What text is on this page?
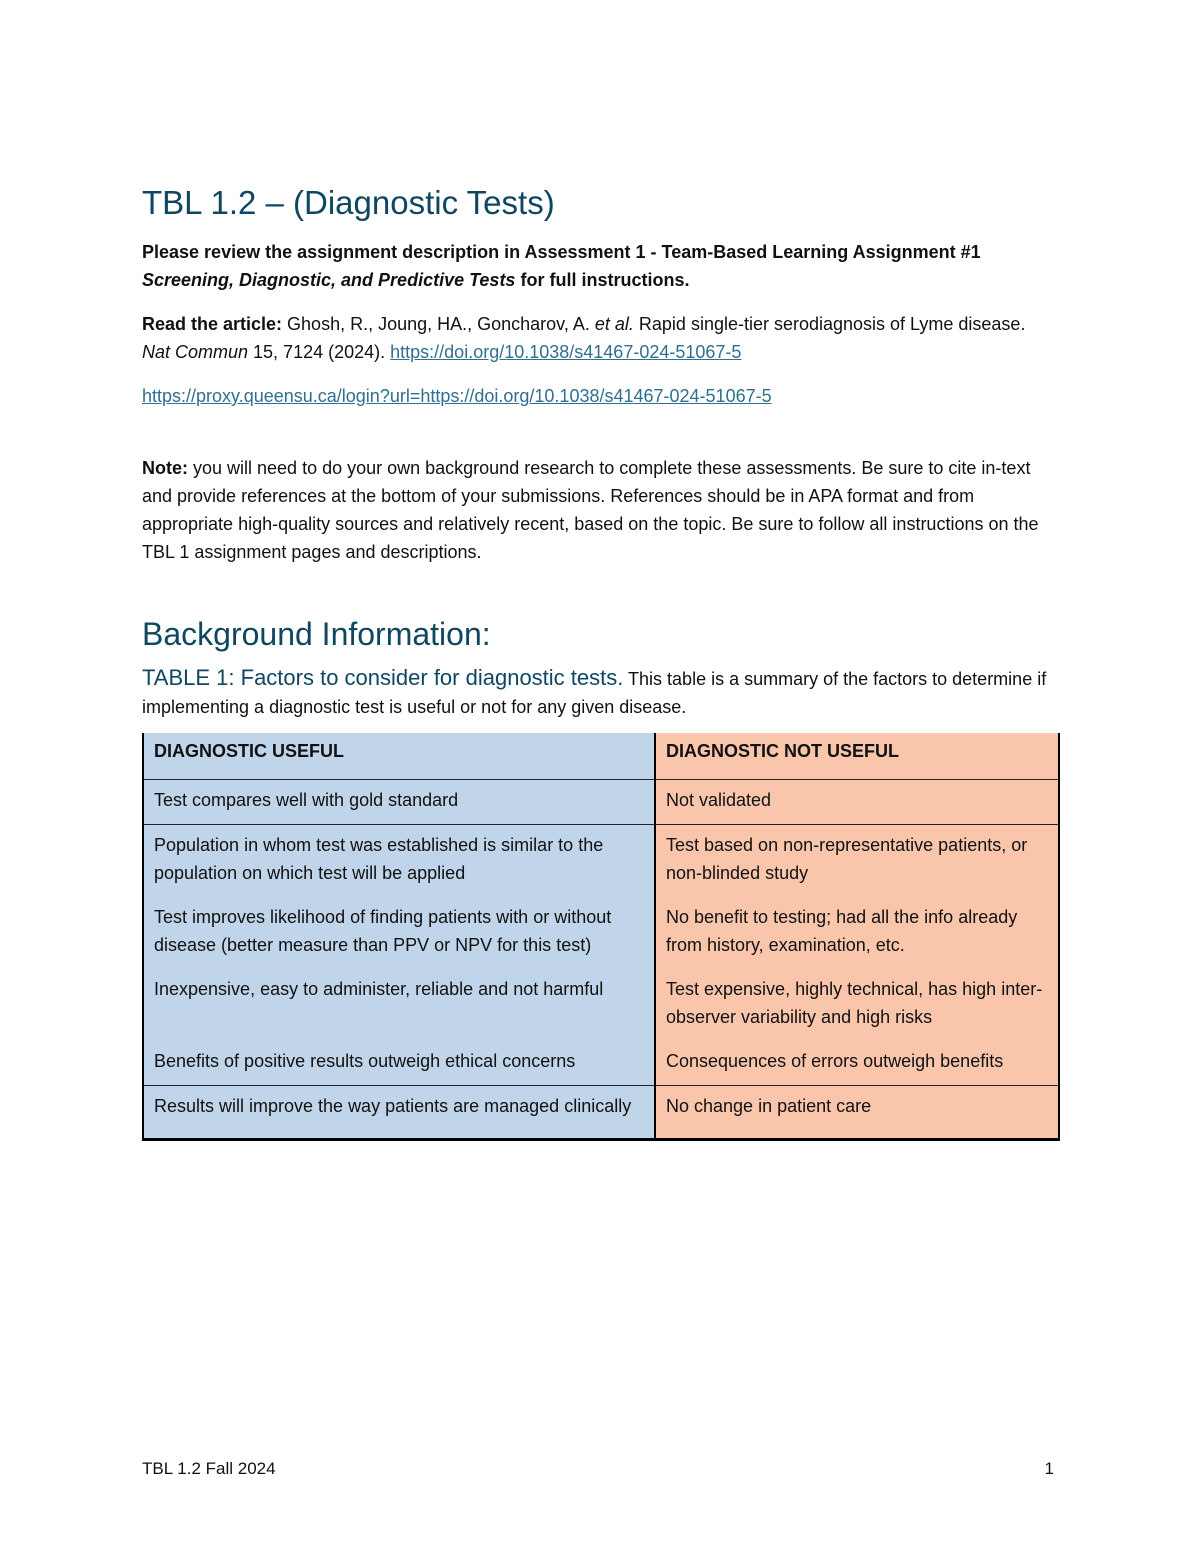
TBL 1.2 – (Diagnostic Tests)

Please review the assignment description in Assessment 1 - Team-Based Learning Assignment #1 Screening, Diagnostic, and Predictive Tests for full instructions.

Read the article: Ghosh, R., Joung, HA., Goncharov, A. et al. Rapid single-tier serodiagnosis of Lyme disease. Nat Commun 15, 7124 (2024). https://doi.org/10.1038/s41467-024-51067-5

https://proxy.queensu.ca/login?url=https://doi.org/10.1038/s41467-024-51067-5

Note: you will need to do your own background research to complete these assessments. Be sure to cite in-text and provide references at the bottom of your submissions. References should be in APA format and from appropriate high-quality sources and relatively recent, based on the topic. Be sure to follow all instructions on the TBL 1 assignment pages and descriptions.

Background Information:

TABLE 1: Factors to consider for diagnostic tests. This table is a summary of the factors to determine if implementing a diagnostic test is useful or not for any given disease.

DIAGNOSTIC USEFUL	DIAGNOSTIC NOT USEFUL
Test compares well with gold standard	Not validated
Population in whom test was established is similar to the population on which test will be applied	Test based on non-representative patients, or non-blinded study
Test improves likelihood of finding patients with or without disease (better measure than PPV or NPV for this test)	No benefit to testing; had all the info already from history, examination, etc.
Inexpensive, easy to administer, reliable and not harmful	Test expensive, highly technical, has high inter-observer variability and high risks
Benefits of positive results outweigh ethical concerns	Consequences of errors outweigh benefits
Results will improve the way patients are managed clinically	No change in patient care
TBL 1.2 Fall 2024	1
